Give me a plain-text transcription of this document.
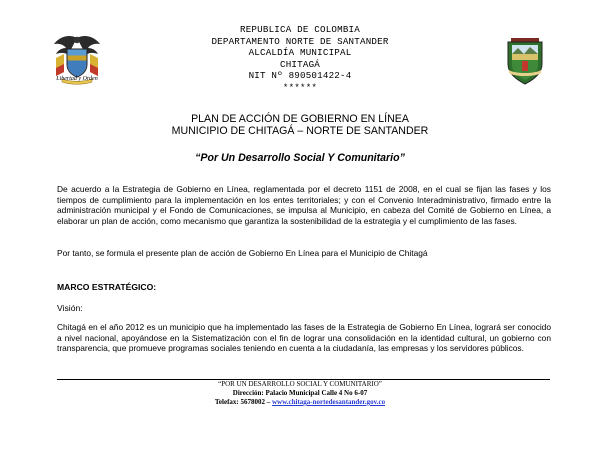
Libertad y Orden
REPUBLICA DE COLOMBIA
DEPARTAMENTO NORTE DE SANTANDER
ALCALDÍA MUNICIPAL
CHITAGÁ
NIT Nº 890501422-4
******
PLAN DE ACCIÓN DE GOBIERNO EN LÍNEA
MUNICIPIO DE CHITAGÁ – NORTE DE SANTANDER
“Por Un Desarrollo Social Y Comunitario”
De acuerdo a la Estrategia de Gobierno en Línea, reglamentada por el decreto 1151 de 2008, en el cual se fijan las fases y los tiempos de cumplimiento para la implementación en los entes territoriales; y con el Convenio Interadministrativo, firmado entre la administración municipal y el Fondo de Comunicaciones, se impulsa al Municipio, en cabeza del Comité de Gobierno en Línea, a elaborar un plan de acción, como mecanismo que garantiza la sostenibilidad de la estrategia y el cumplimiento de las fases.
Por tanto, se formula el presente plan de acción de Gobierno En Línea para el Municipio de Chitagá
MARCO ESTRATÉGICO:
Visión:
Chitagá en el año 2012 es un municipio que ha implementado las fases de la Estrategia de Gobierno En Línea, logrará ser conocido a nivel nacional, apoyándose en la Sistematización con el fin de lograr una consolidación en la identidad cultural, un gobierno con transparencia, que promueve programas sociales teniendo en cuenta a la ciudadanía, las empresas y los servidores públicos.
“POR UN DESARROLLO SOCIAL Y COMUNITARIO”
Dirección: Palacio Municipal Calle 4 No 6-07
Telefax: 5678002 – www.chitaga-nortedesantander.gov.co
